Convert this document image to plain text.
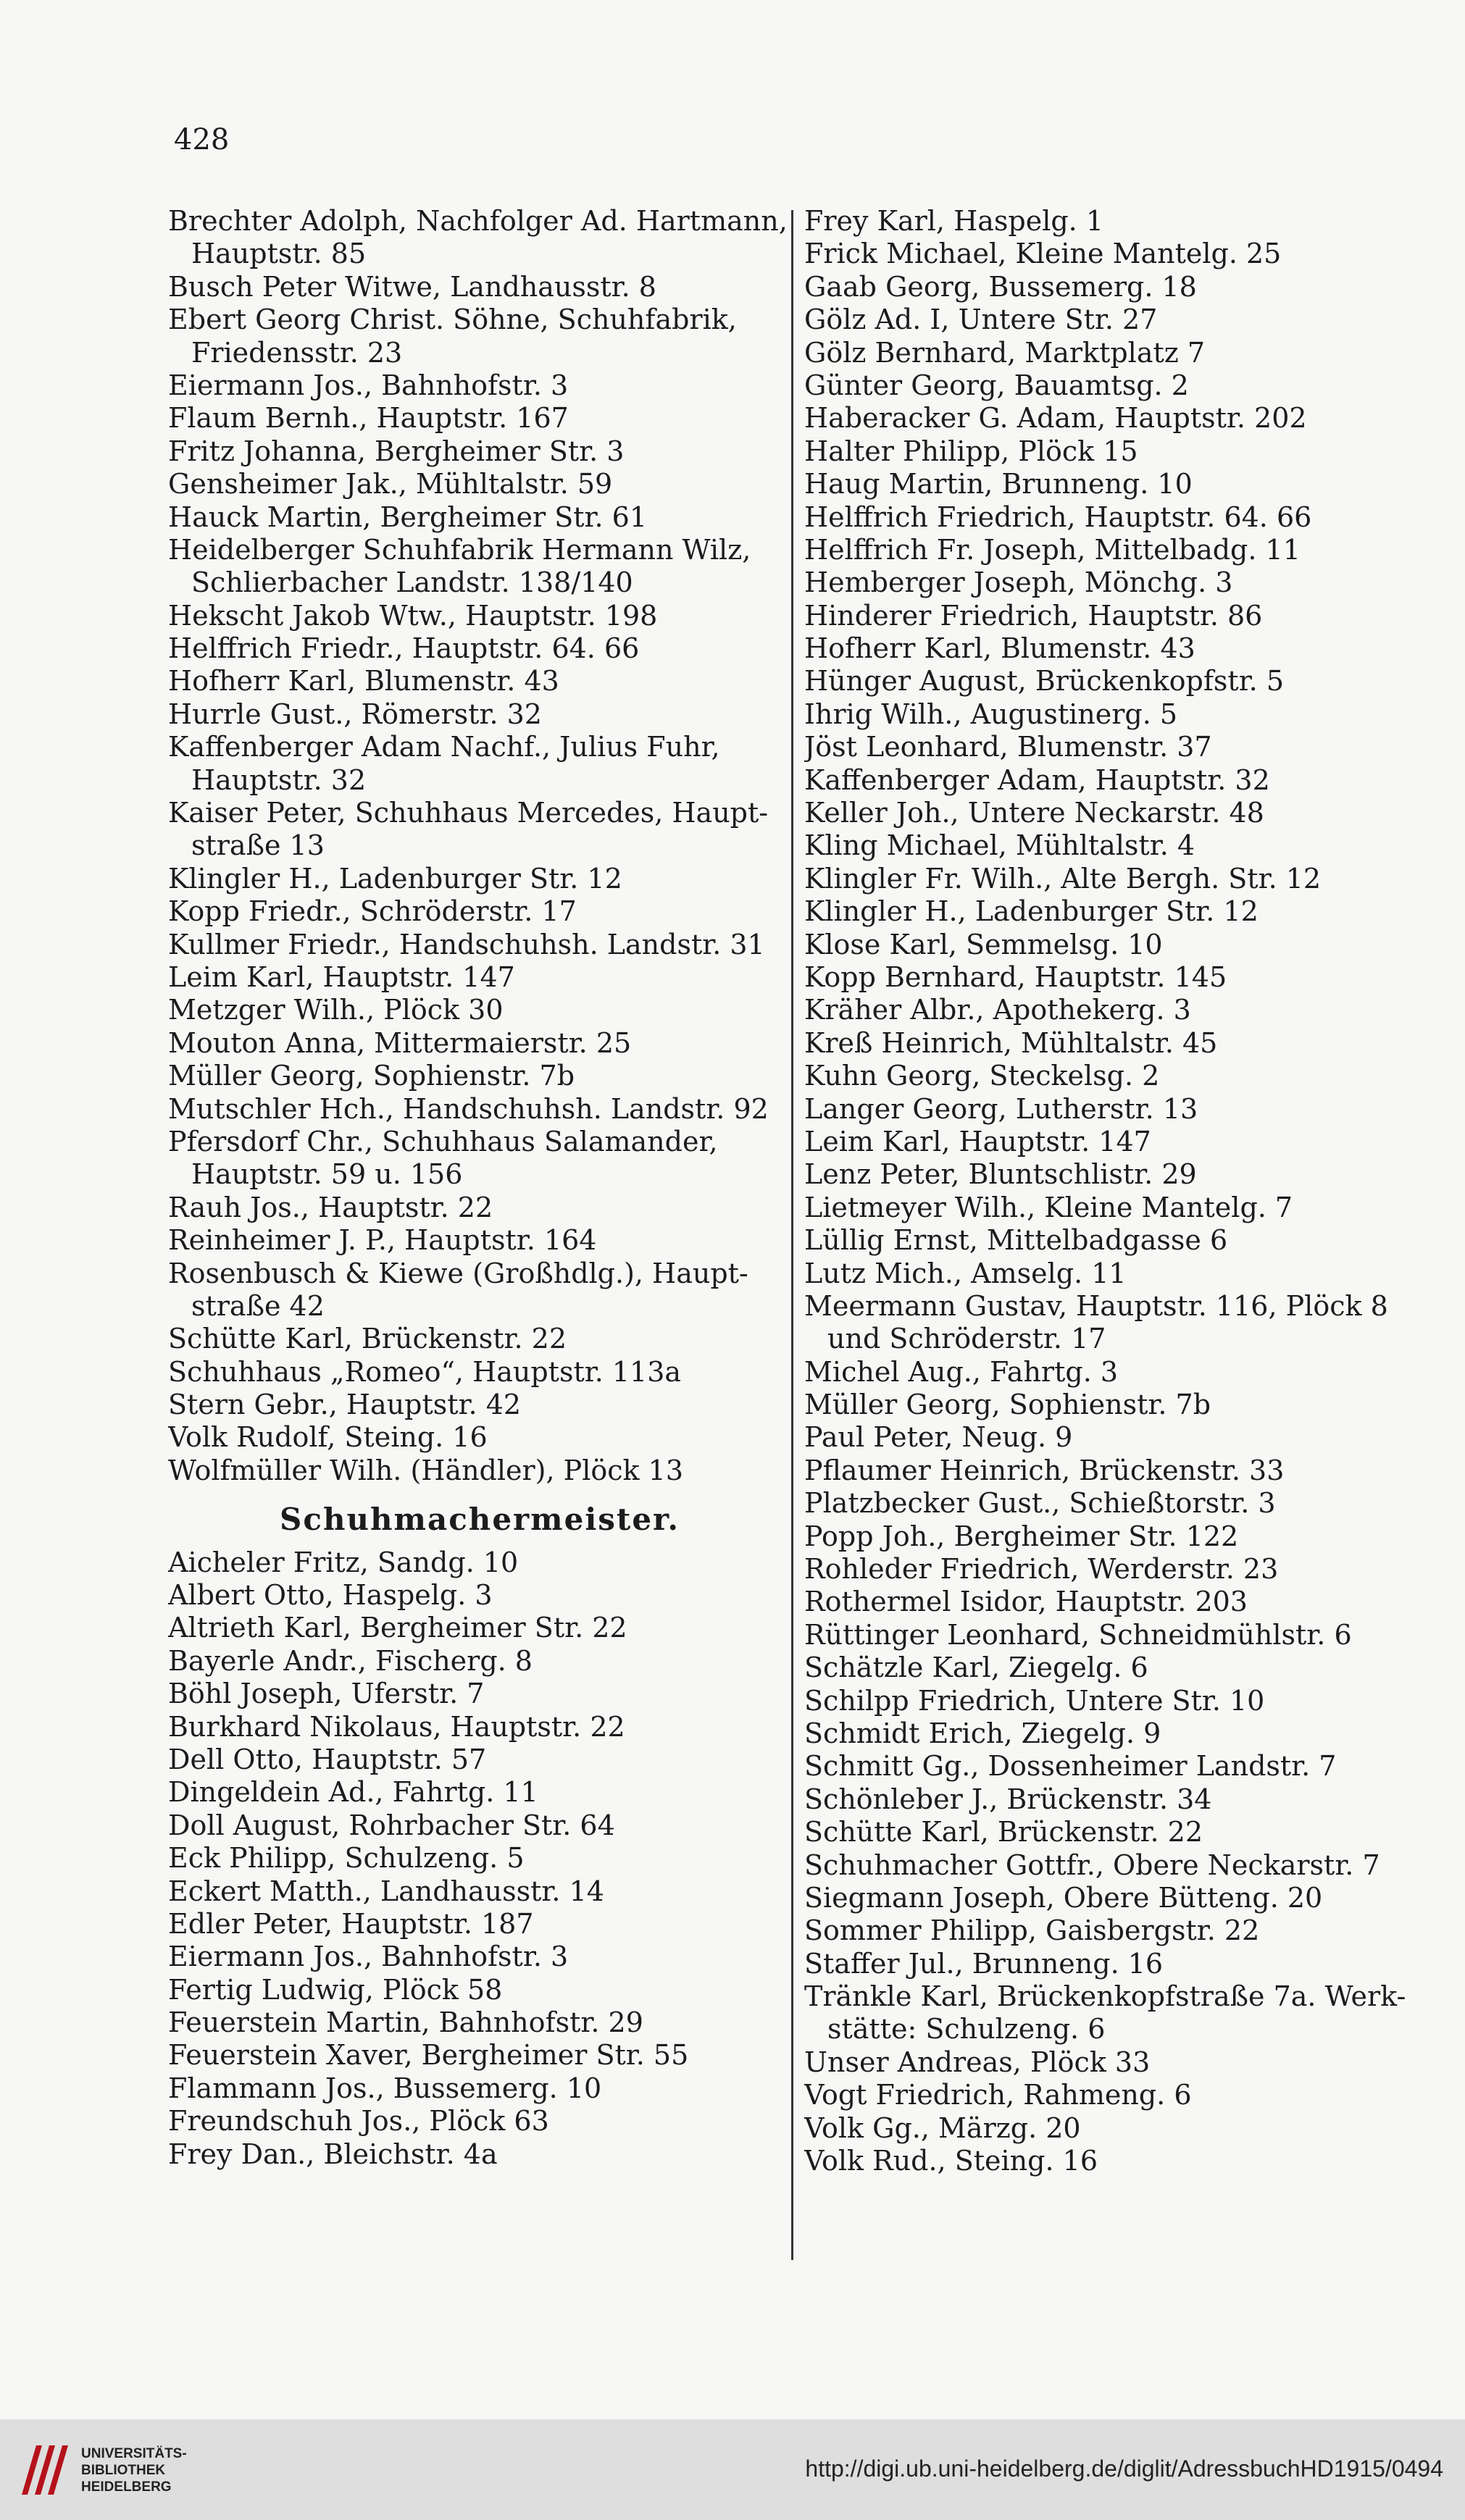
428
Brechter Adolph, Nachfolger Ad. Hartmann,
Hauptstr. 85
Busch Peter Witwe, Landhausstr. 8
Ebert Georg Christ. Söhne, Schuhfabrik,
Friedensstr. 23
Eiermann Jos., Bahnhofstr. 3
Flaum Bernh., Hauptstr. 167
Fritz Johanna, Bergheimer Str. 3
Gensheimer Jak., Mühltalstr. 59
Hauck Martin, Bergheimer Str. 61
Heidelberger Schuhfabrik Hermann Wilz,
Schlierbacher Landstr. 138/140
Hekscht Jakob Wtw., Hauptstr. 198
Helffrich Friedr., Hauptstr. 64. 66
Hofherr Karl, Blumenstr. 43
Hurrle Gust., Römerstr. 32
Kaffenberger Adam Nachf., Julius Fuhr,
Hauptstr. 32
Kaiser Peter, Schuhhaus Mercedes, Haupt-
straße 13
Klingler H., Ladenburger Str. 12
Kopp Friedr., Schröderstr. 17
Kullmer Friedr., Handschuhsh. Landstr. 31
Leim Karl, Hauptstr. 147
Metzger Wilh., Plöck 30
Mouton Anna, Mittermaierstr. 25
Müller Georg, Sophienstr. 7b
Mutschler Hch., Handschuhsh. Landstr. 92
Pfersdorf Chr., Schuhhaus Salamander,
Hauptstr. 59 u. 156
Rauh Jos., Hauptstr. 22
Reinheimer J. P., Hauptstr. 164
Rosenbusch & Kiewe (Großhdlg.), Haupt-
straße 42
Schütte Karl, Brückenstr. 22
Schuhhaus „Romeo“, Hauptstr. 113a
Stern Gebr., Hauptstr. 42
Volk Rudolf, Steing. 16
Wolfmüller Wilh. (Händler), Plöck 13
Schuhmachermeister.
Aicheler Fritz, Sandg. 10
Albert Otto, Haspelg. 3
Altrieth Karl, Bergheimer Str. 22
Bayerle Andr., Fischerg. 8
Böhl Joseph, Uferstr. 7
Burkhard Nikolaus, Hauptstr. 22
Dell Otto, Hauptstr. 57
Dingeldein Ad., Fahrtg. 11
Doll August, Rohrbacher Str. 64
Eck Philipp, Schulzeng. 5
Eckert Matth., Landhausstr. 14
Edler Peter, Hauptstr. 187
Eiermann Jos., Bahnhofstr. 3
Fertig Ludwig, Plöck 58
Feuerstein Martin, Bahnhofstr. 29
Feuerstein Xaver, Bergheimer Str. 55
Flammann Jos., Bussemerg. 10
Freundschuh Jos., Plöck 63
Frey Dan., Bleichstr. 4a
Frey Karl, Haspelg. 1
Frick Michael, Kleine Mantelg. 25
Gaab Georg, Bussemerg. 18
Gölz Ad. I, Untere Str. 27
Gölz Bernhard, Marktplatz 7
Günter Georg, Bauamtsg. 2
Haberacker G. Adam, Hauptstr. 202
Halter Philipp, Plöck 15
Haug Martin, Brunneng. 10
Helffrich Friedrich, Hauptstr. 64. 66
Helffrich Fr. Joseph, Mittelbadg. 11
Hemberger Joseph, Mönchg. 3
Hinderer Friedrich, Hauptstr. 86
Hofherr Karl, Blumenstr. 43
Hünger August, Brückenkopfstr. 5
Ihrig Wilh., Augustinerg. 5
Jöst Leonhard, Blumenstr. 37
Kaffenberger Adam, Hauptstr. 32
Keller Joh., Untere Neckarstr. 48
Kling Michael, Mühltalstr. 4
Klingler Fr. Wilh., Alte Bergh. Str. 12
Klingler H., Ladenburger Str. 12
Klose Karl, Semmelsg. 10
Kopp Bernhard, Hauptstr. 145
Kräher Albr., Apothekerg. 3
Kreß Heinrich, Mühltalstr. 45
Kuhn Georg, Steckelsg. 2
Langer Georg, Lutherstr. 13
Leim Karl, Hauptstr. 147
Lenz Peter, Bluntschlistr. 29
Lietmeyer Wilh., Kleine Mantelg. 7
Lüllig Ernst, Mittelbadgasse 6
Lutz Mich., Amselg. 11
Meermann Gustav, Hauptstr. 116, Plöck 8
und Schröderstr. 17
Michel Aug., Fahrtg. 3
Müller Georg, Sophienstr. 7b
Paul Peter, Neug. 9
Pflaumer Heinrich, Brückenstr. 33
Platzbecker Gust., Schießtorstr. 3
Popp Joh., Bergheimer Str. 122
Rohleder Friedrich, Werderstr. 23
Rothermel Isidor, Hauptstr. 203
Rüttinger Leonhard, Schneidmühlstr. 6
Schätzle Karl, Ziegelg. 6
Schilpp Friedrich, Untere Str. 10
Schmidt Erich, Ziegelg. 9
Schmitt Gg., Dossenheimer Landstr. 7
Schönleber J., Brückenstr. 34
Schütte Karl, Brückenstr. 22
Schuhmacher Gottfr., Obere Neckarstr. 7
Siegmann Joseph, Obere Bütteng. 20
Sommer Philipp, Gaisbergstr. 22
Staffer Jul., Brunneng. 16
Tränkle Karl, Brückenkopfstraße 7a. Werk-
stätte: Schulzeng. 6
Unser Andreas, Plöck 33
Vogt Friedrich, Rahmeng. 6
Volk Gg., Märzg. 20
Volk Rud., Steing. 16
UNIVERSITÄTS-
BIBLIOTHEK
HEIDELBERG
http://digi.ub.uni-heidelberg.de/diglit/AdressbuchHD1915/0494
